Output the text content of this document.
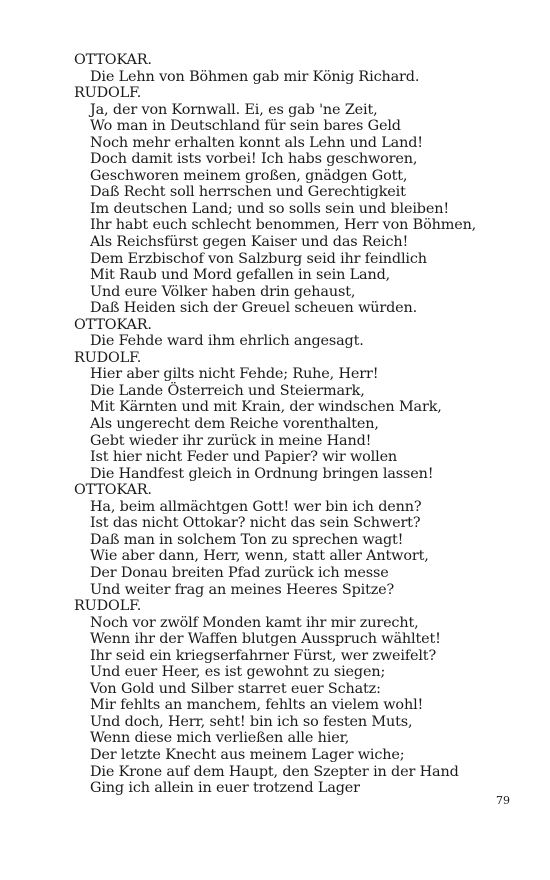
OTTOKAR.
Die Lehn von Böhmen gab mir König Richard.
RUDOLF.
Ja, der von Kornwall. Ei, es gab 'ne Zeit,
Wo man in Deutschland für sein bares Geld
Noch mehr erhalten konnt als Lehn und Land!
Doch damit ists vorbei! Ich habs geschworen,
Geschworen meinem großen, gnädgen Gott,
Daß Recht soll herrschen und Gerechtigkeit
Im deutschen Land; und so solls sein und bleiben!
Ihr habt euch schlecht benommen, Herr von Böhmen,
Als Reichsfürst gegen Kaiser und das Reich!
Dem Erzbischof von Salzburg seid ihr feindlich
Mit Raub und Mord gefallen in sein Land,
Und eure Völker haben drin gehaust,
Daß Heiden sich der Greuel scheuen würden.
OTTOKAR.
Die Fehde ward ihm ehrlich angesagt.
RUDOLF.
Hier aber gilts nicht Fehde; Ruhe, Herr!
Die Lande Österreich und Steiermark,
Mit Kärnten und mit Krain, der windschen Mark,
Als ungerecht dem Reiche vorenthalten,
Gebt wieder ihr zurück in meine Hand!
Ist hier nicht Feder und Papier? wir wollen
Die Handfest gleich in Ordnung bringen lassen!
OTTOKAR.
Ha, beim allmächtgen Gott! wer bin ich denn?
Ist das nicht Ottokar? nicht das sein Schwert?
Daß man in solchem Ton zu sprechen wagt!
Wie aber dann, Herr, wenn, statt aller Antwort,
Der Donau breiten Pfad zurück ich messe
Und weiter frag an meines Heeres Spitze?
RUDOLF.
Noch vor zwölf Monden kamt ihr mir zurecht,
Wenn ihr der Waffen blutgen Ausspruch wähltet!
Ihr seid ein kriegserfahrner Fürst, wer zweifelt?
Und euer Heer, es ist gewohnt zu siegen;
Von Gold und Silber starret euer Schatz:
Mir fehlts an manchem, fehlts an vielem wohl!
Und doch, Herr, seht! bin ich so festen Muts,
Wenn diese mich verließen alle hier,
Der letzte Knecht aus meinem Lager wiche;
Die Krone auf dem Haupt, den Szepter in der Hand
Ging ich allein in euer trotzend Lager
79
